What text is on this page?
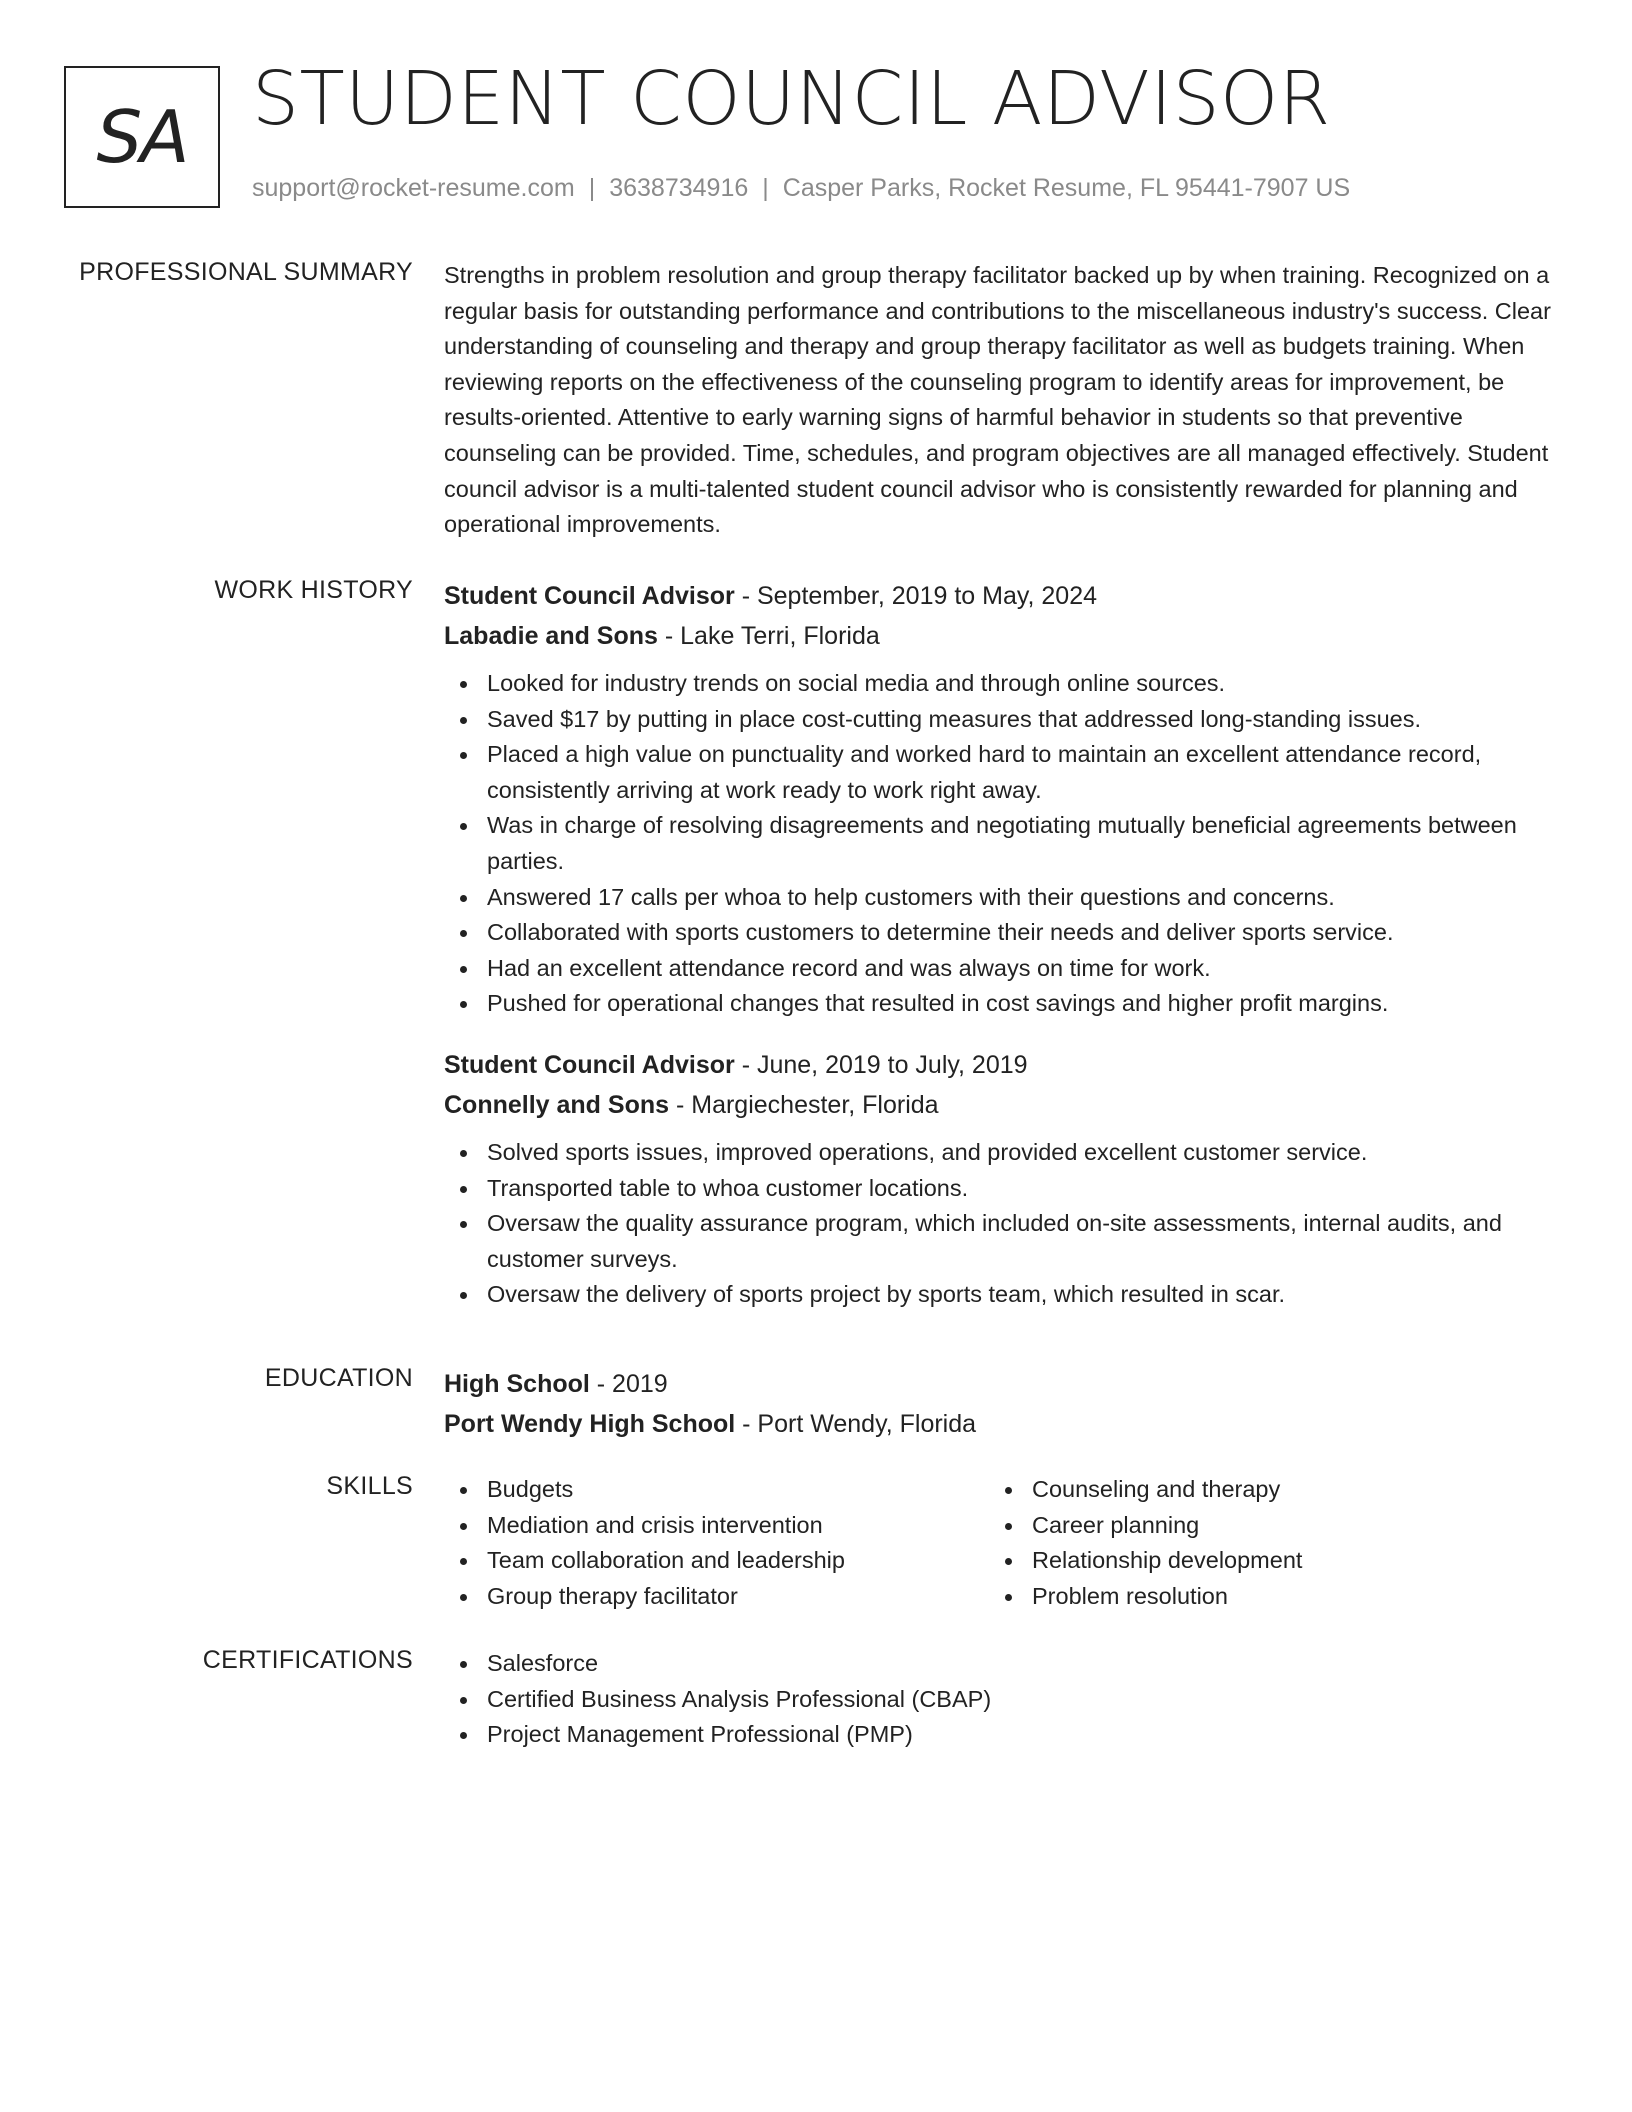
SA STUDENT COUNCIL ADVISOR
support@rocket-resume.com | 3638734916 | Casper Parks, Rocket Resume, FL 95441-7907 US
PROFESSIONAL SUMMARY Strengths in problem resolution and group therapy facilitator backed up by when training. Recognized on a regular basis for outstanding performance and contributions to the miscellaneous industry's success. Clear understanding of counseling and therapy and group therapy facilitator as well as budgets training. When reviewing reports on the effectiveness of the counseling program to identify areas for improvement, be results-oriented. Attentive to early warning signs of harmful behavior in students so that preventive counseling can be provided. Time, schedules, and program objectives are all managed effectively. Student council advisor is a multi-talented student council advisor who is consistently rewarded for planning and operational improvements.
WORK HISTORY Student Council Advisor - September, 2019 to May, 2024
Labadie and Sons - Lake Terri, Florida
Looked for industry trends on social media and through online sources.
Saved $17 by putting in place cost-cutting measures that addressed long-standing issues.
Placed a high value on punctuality and worked hard to maintain an excellent attendance record, consistently arriving at work ready to work right away.
Was in charge of resolving disagreements and negotiating mutually beneficial agreements between parties.
Answered 17 calls per whoa to help customers with their questions and concerns.
Collaborated with sports customers to determine their needs and deliver sports service.
Had an excellent attendance record and was always on time for work.
Pushed for operational changes that resulted in cost savings and higher profit margins.
Student Council Advisor - June, 2019 to July, 2019
Connelly and Sons - Margiechester, Florida
Solved sports issues, improved operations, and provided excellent customer service.
Transported table to whoa customer locations.
Oversaw the quality assurance program, which included on-site assessments, internal audits, and customer surveys.
Oversaw the delivery of sports project by sports team, which resulted in scar.
EDUCATION High School - 2019
Port Wendy High School - Port Wendy, Florida
SKILLS	Budgets
Mediation and crisis intervention
Team collaboration and leadership
Group therapy facilitator
Counseling and therapy
Career planning
Relationship development
Problem resolution
CERTIFICATIONS	Salesforce
Certified Business Analysis Professional (CBAP)
Project Management Professional (PMP)
